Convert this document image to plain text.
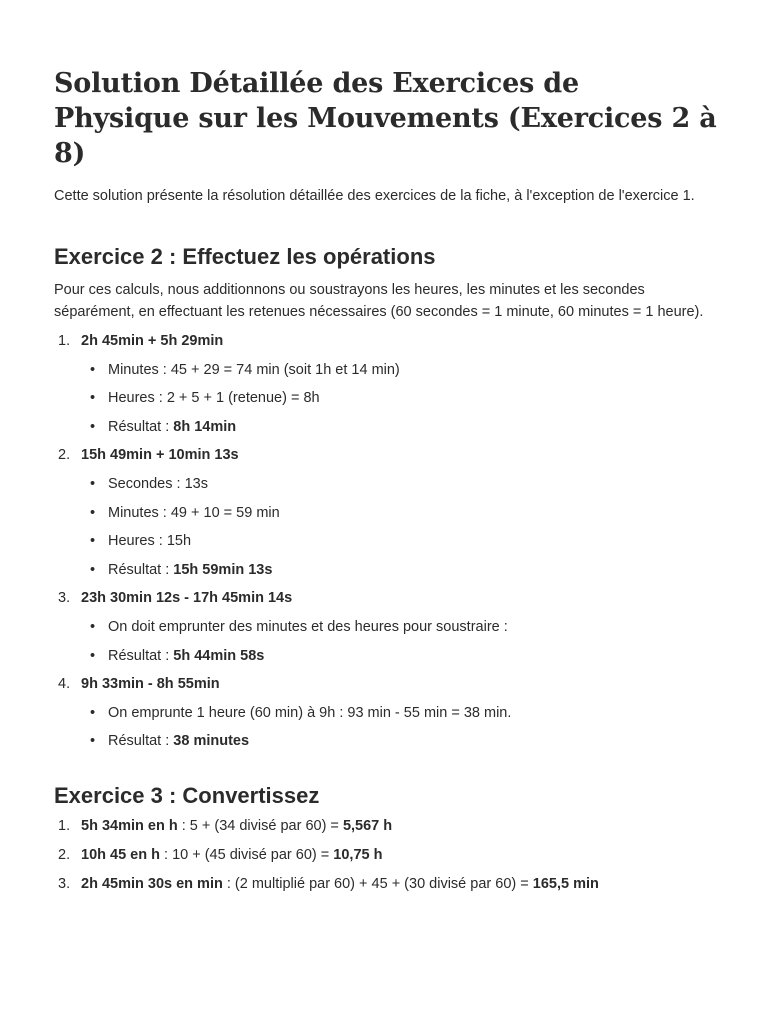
Solution Détaillée des Exercices de Physique sur les Mouvements (Exercices 2 à 8)

Cette solution présente la résolution détaillée des exercices de la fiche, à l'exception de l'exercice 1.

Exercice 2 : Effectuez les opérations

Pour ces calculs, nous additionnons ou soustrayons les heures, les minutes et les secondes séparément, en effectuant les retenues nécessaires (60 secondes = 1 minute, 60 minutes = 1 heure).

1. 2h 45min + 5h 29min
• Minutes : 45 + 29 = 74 min (soit 1h et 14 min)
• Heures : 2 + 5 + 1 (retenue) = 8h
• Résultat : 8h 14min
2. 15h 49min + 10min 13s
• Secondes : 13s
• Minutes : 49 + 10 = 59 min
• Heures : 15h
• Résultat : 15h 59min 13s
3. 23h 30min 12s - 17h 45min 14s
• On doit emprunter des minutes et des heures pour soustraire :
• Résultat : 5h 44min 58s
4. 9h 33min - 8h 55min
• On emprunte 1 heure (60 min) à 9h : 93 min - 55 min = 38 min.
• Résultat : 38 minutes
Exercice 3 : Convertissez
1. 5h 34min en h : 5 + (34 divisé par 60) = 5,567 h
2. 10h 45 en h : 10 + (45 divisé par 60) = 10,75 h
3. 2h 45min 30s en min : (2 multiplié par 60) + 45 + (30 divisé par 60) = 165,5 min
